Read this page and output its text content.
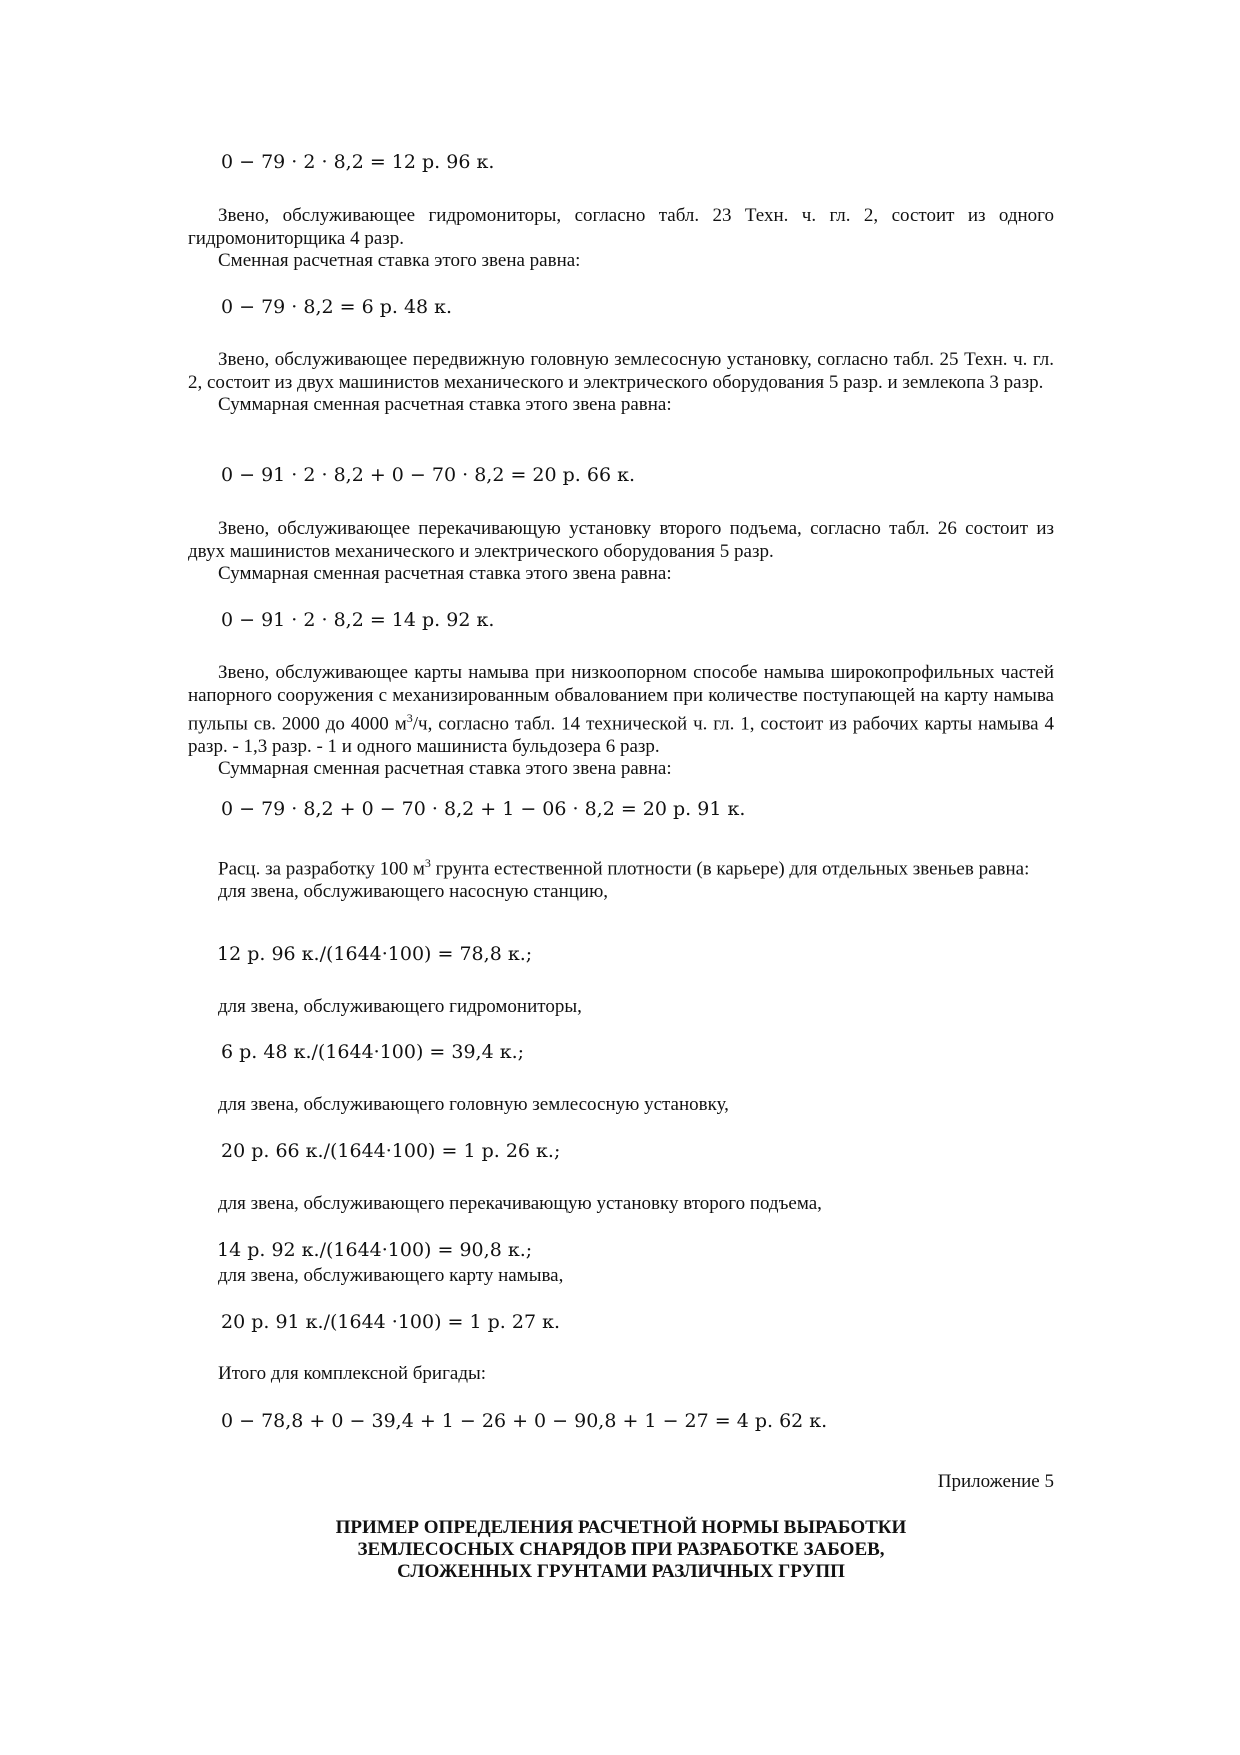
0 − 79 · 2 · 8,2 = 12 р. 96 к.

Звено, обслуживающее гидромониторы, согласно табл. 23 Техн. ч. гл. 2, состоит из одного гидромониторщика 4 разр.

Сменная расчетная ставка этого звена равна:

0 − 79 · 8,2 = 6 р. 48 к.

Звено, обслуживающее передвижную головную землесосную установку, согласно табл. 25 Техн. ч. гл. 2, состоит из двух машинистов механического и электрического оборудования 5 разр. и землекопа 3 разр.

Суммарная сменная расчетная ставка этого звена равна:

0 − 91 · 2 · 8,2 + 0 − 70 · 8,2 = 20 р. 66 к.

Звено, обслуживающее перекачивающую установку второго подъема, согласно табл. 26 состоит из двух машинистов механического и электрического оборудования 5 разр.

Суммарная сменная расчетная ставка этого звена равна:

0 − 91 · 2 · 8,2 = 14 р. 92 к.

Звено, обслуживающее карты намыва при низкоопорном способе намыва широкопрофильных частей напорного сооружения с механизированным обвалованием при количестве поступающей на карту намыва пульпы св. 2000 до 4000 $м^3/ч$, согласно табл. 14 технической ч. гл. 1, состоит из рабочих карты намыва 4 разр. - 1,3 разр. - 1 и одного машиниста бульдозера 6 разр.

Суммарная сменная расчетная ставка этого звена равна:

0 − 79 · 8,2 + 0 − 70 · 8,2 + 1 − 06 · 8,2 = 20 р. 91 к.

Расц. за разработку 100 $м^3$ грунта естественной плотности (в карьере) для отдельных звеньев равна:

для звена, обслуживающего насосную станцию,

12 р. 96 к./(1644·100) = 78,8 к.;

для звена, обслуживающего гидромониторы,

6 р. 48 к./(1644·100) = 39,4 к.;

для звена, обслуживающего головную землесосную установку,

20 р. 66 к./(1644·100) = 1 р. 26 к.;

для звена, обслуживающего перекачивающую установку второго подъема,

14 р. 92 к./(1644·100) = 90,8 к.;

для звена, обслуживающего карту намыва,

20 р. 91 к./(1644 ·100) = 1 р. 27 к.

Итого для комплексной бригады:

0 − 78,8 + 0 − 39,4 + 1 − 26 + 0 − 90,8 + 1 − 27 = 4 р. 62 к.
Приложение 5
ПРИМЕР ОПРЕДЕЛЕНИЯ РАСЧЕТНОЙ НОРМЫ ВЫРАБОТКИ
ЗЕМЛЕСОСНЫХ СНАРЯДОВ ПРИ РАЗРАБОТКЕ ЗАБОЕВ,
СЛОЖЕННЫХ ГРУНТАМИ РАЗЛИЧНЫХ ГРУПП
